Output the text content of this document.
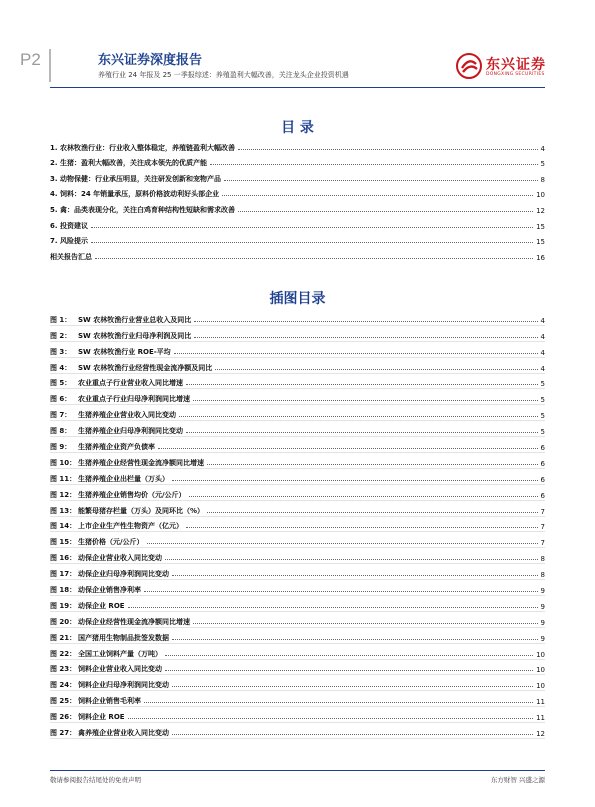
P2	东兴证券深度报告
养殖行业 24 年报及 25 一季报综述：养殖盈利大幅改善，关注龙头企业投资机遇
东兴证券
DONGXING SECURITIES
目 录
1. 农林牧渔行业：行业收入整体稳定，养殖链盈利大幅改善	4
2. 生猪：盈利大幅改善，关注成本领先的优质产能	5
3. 动物保健：行业承压明显，关注研发创新和宠物产品	8
4. 饲料：24 年销量承压，原料价格波动利好头部企业	10
5. 禽：品类表现分化，关注白鸡育种结构性短缺和需求改善	12
6. 投资建议	15
7. 风险提示	15
相关报告汇总	16
插图目录
图 1： SW 农林牧渔行业营业总收入及同比	4
图 2： SW 农林牧渔行业归母净利润及同比	4
图 3： SW 农林牧渔行业 ROE-平均	4
图 4： SW 农林牧渔行业经营性现金流净额及同比	4
图 5： 农业重点子行业营业收入同比增速	5
图 6： 农业重点子行业归母净利润同比增速	5
图 7： 生猪养殖企业营业收入同比变动	5
图 8： 生猪养殖企业归母净利润同比变动	5
图 9： 生猪养殖企业资产负债率	6
图 10： 生猪养殖企业经营性现金流净额同比增速	6
图 11： 生猪养殖企业出栏量（万头）	6
图 12： 生猪养殖企业销售均价（元/公斤）	6
图 13： 能繁母猪存栏量（万头）及同环比（%）	7
图 14： 上市企业生产性生物资产（亿元）	7
图 15： 生猪价格（元/公斤）	7
图 16： 动保企业营业收入同比变动	8
图 17： 动保企业归母净利润同比变动	8
图 18： 动保企业销售净利率	9
图 19： 动保企业 ROE	9
图 20： 动保企业经营性现金流净额同比增速	9
图 21： 国产猪用生物制品批签发数据	9
图 22： 全国工业饲料产量（万吨）	10
图 23： 饲料企业营业收入同比变动	10
图 24： 饲料企业归母净利润同比变动	10
图 25： 饲料企业销售毛利率	11
图 26： 饲料企业 ROE	11
图 27： 禽养殖企业营业收入同比变动	12
敬请参阅报告结尾处的免责声明	东方财智 兴盛之源
